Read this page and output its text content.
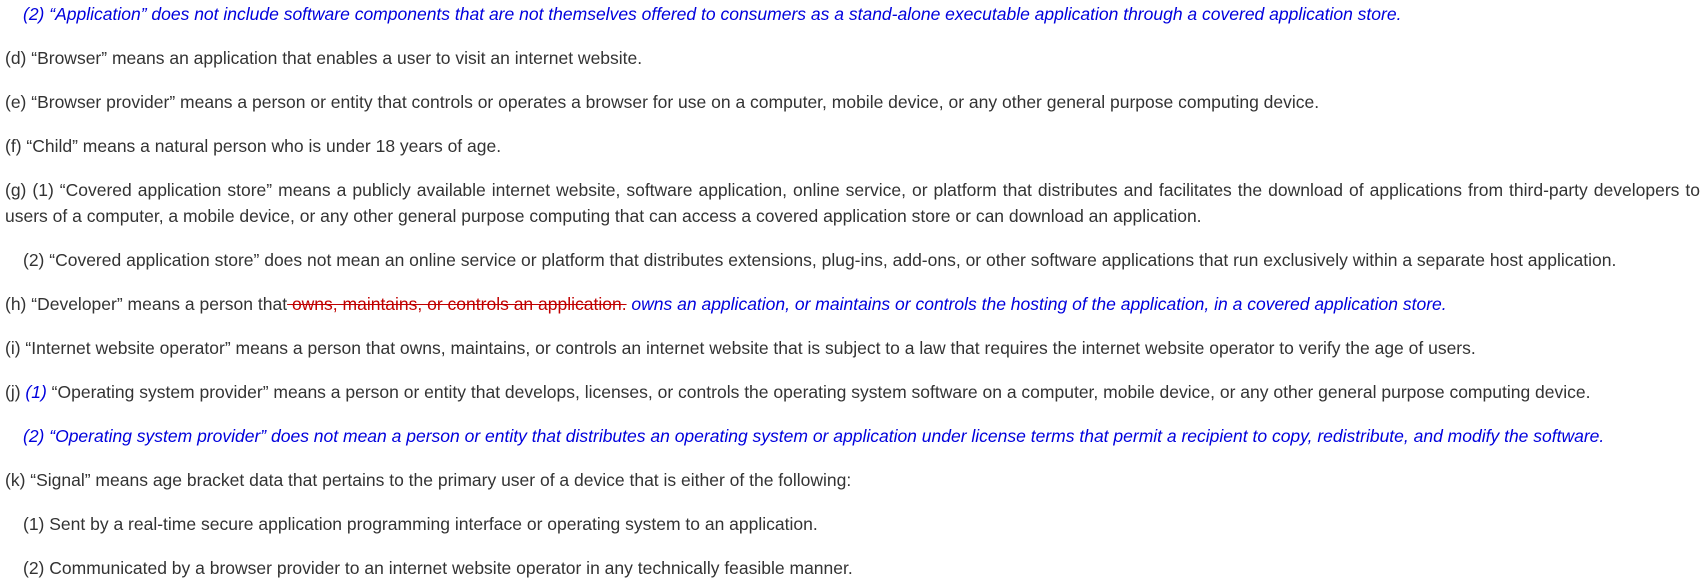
(2) “Application” does not include software components that are not themselves offered to consumers as a stand-alone executable application through a covered application store.

(d) “Browser” means an application that enables a user to visit an internet website.

(e) “Browser provider” means a person or entity that controls or operates a browser for use on a computer, mobile device, or any other general purpose computing device.

(f) “Child” means a natural person who is under 18 years of age.

(g) (1) “Covered application store” means a publicly available internet website, software application, online service, or platform that distributes and facilitates the download of applications from third-party developers to users of a computer, a mobile device, or any other general purpose computing that can access a covered application store or can download an application.

(2) “Covered application store” does not mean an online service or platform that distributes extensions, plug-ins, add-ons, or other software applications that run exclusively within a separate host application.

(h) “Developer” means a person that owns, maintains, or controls an application. owns an application, or maintains or controls the hosting of the application, in a covered application store.

(i) “Internet website operator” means a person that owns, maintains, or controls an internet website that is subject to a law that requires the internet website operator to verify the age of users.

(j) (1) “Operating system provider” means a person or entity that develops, licenses, or controls the operating system software on a computer, mobile device, or any other general purpose computing device.

(2) “Operating system provider” does not mean a person or entity that distributes an operating system or application under license terms that permit a recipient to copy, redistribute, and modify the software.

(k) “Signal” means age bracket data that pertains to the primary user of a device that is either of the following:

(1) Sent by a real-time secure application programming interface or operating system to an application.

(2) Communicated by a browser provider to an internet website operator in any technically feasible manner.
